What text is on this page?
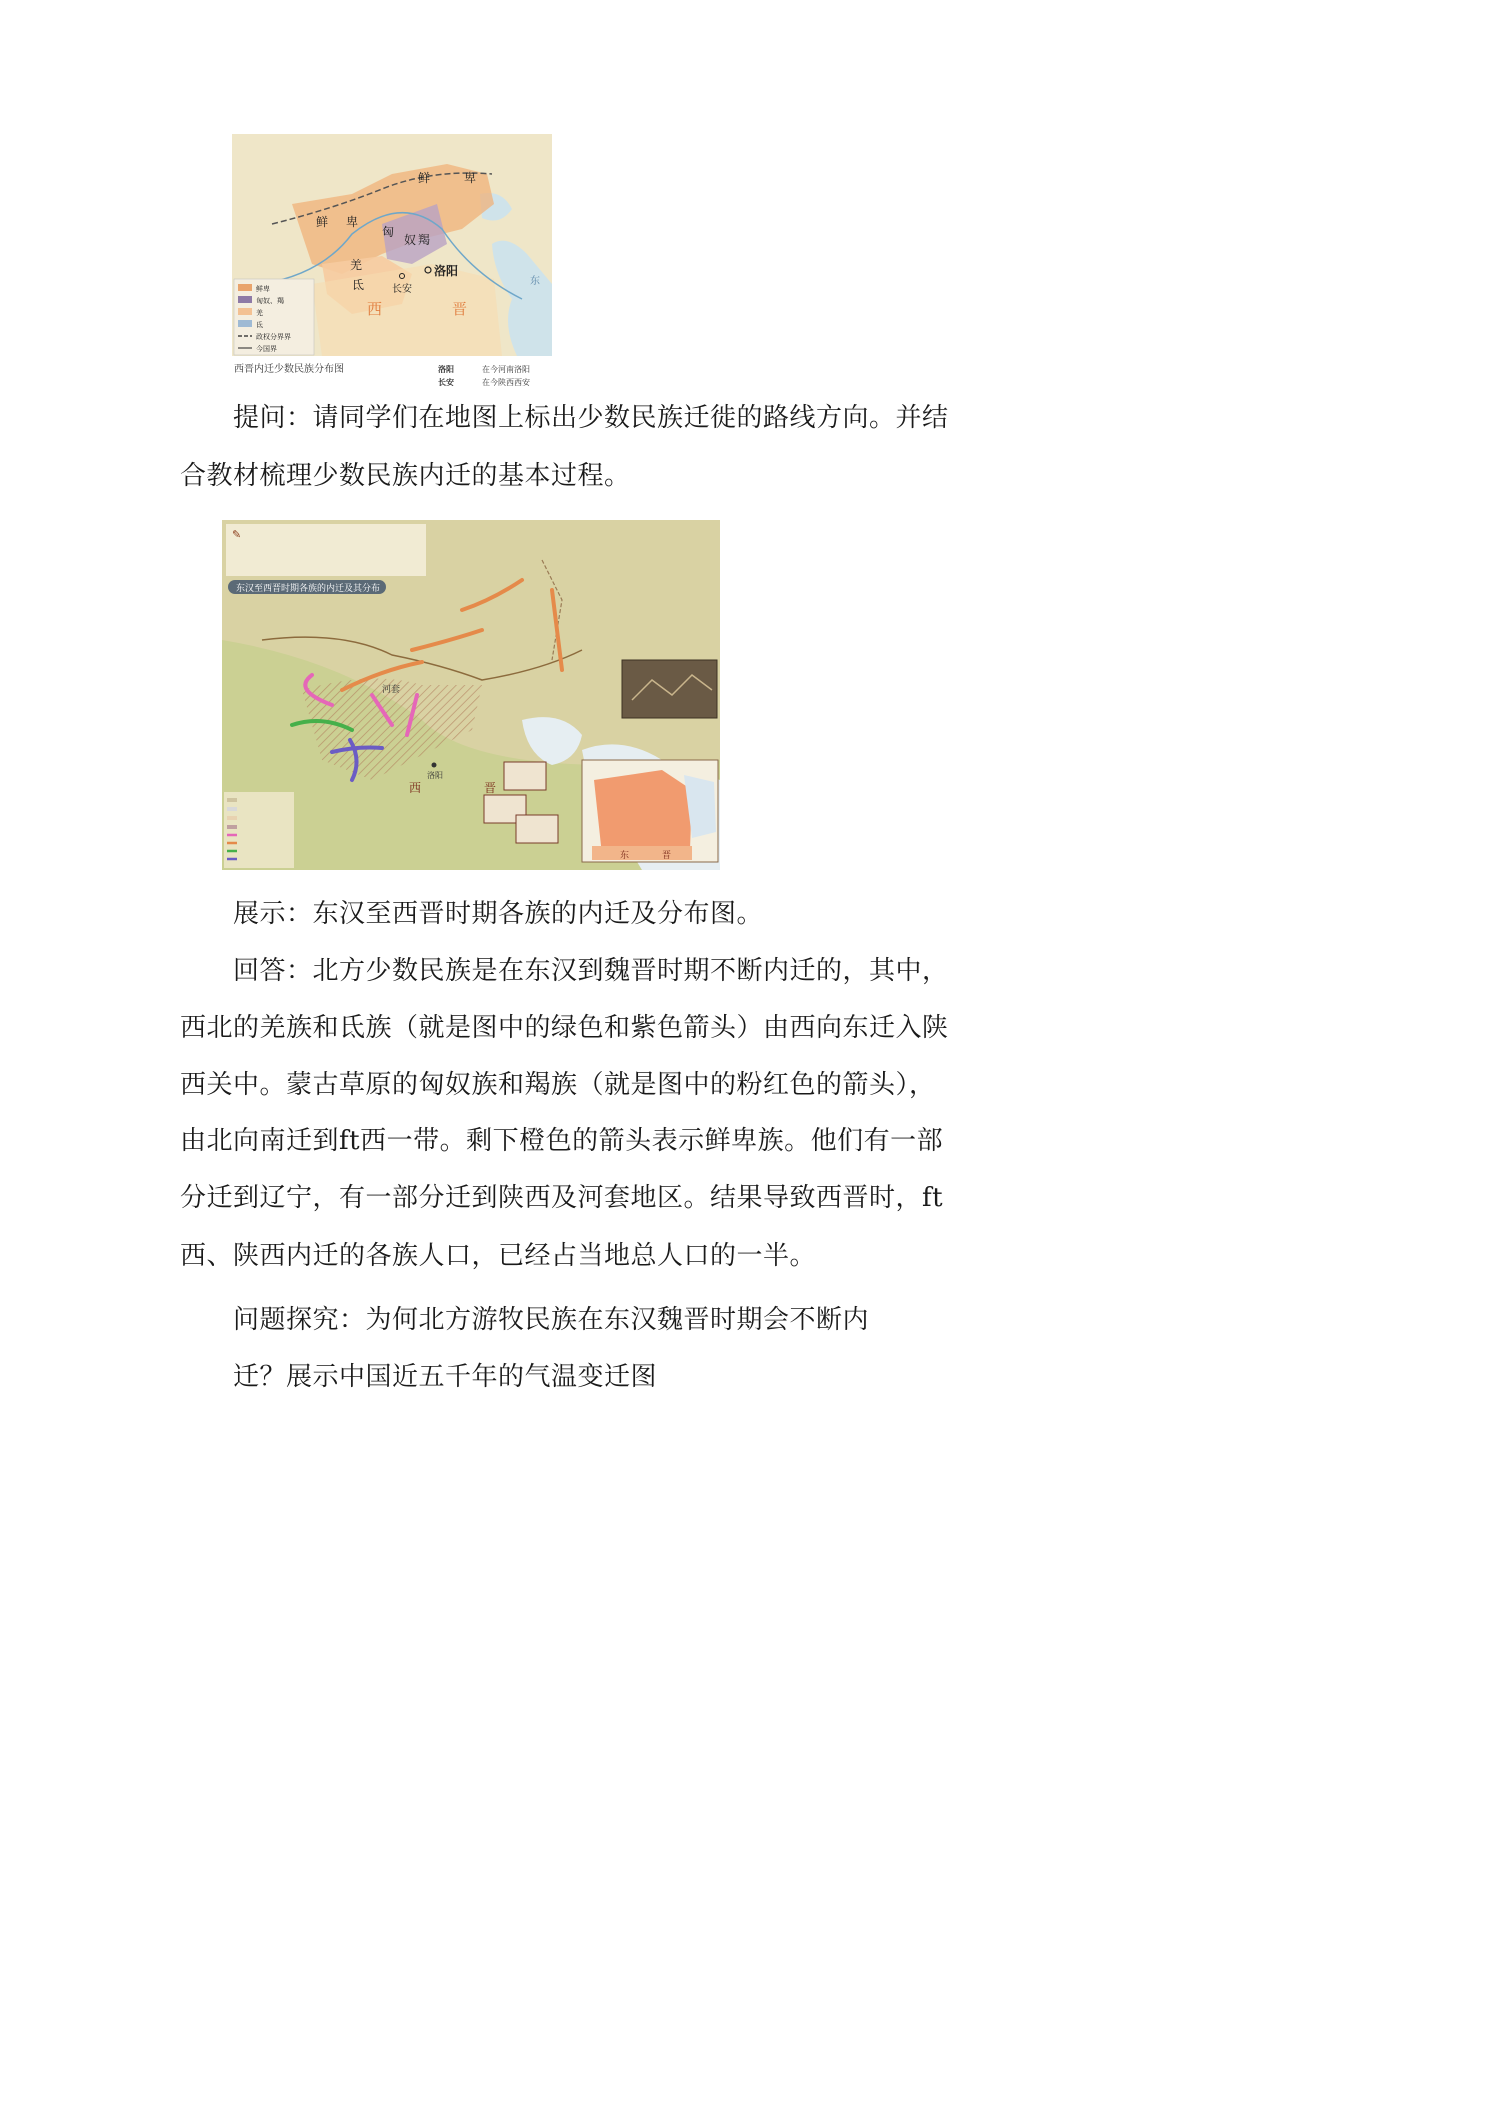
鲜	卑
鲜 卑
匈
奴 羯
羌
氐
洛阳
长安
西	晋
东
鲜卑
匈奴、羯
羌
氐
政权分界界
今国界
西晋内迁少数民族分布图	洛阳	在今河南洛阳
长安	在今陕西西安
提问：请同学们在地图上标出少数民族迁徙的路线方向。并结
合教材梳理少数民族内迁的基本过程。
✎
东汉至西晋时期各族的内迁及其分布
河套
洛阳
西	晋
东	晋
展示：东汉至西晋时期各族的内迁及分布图。
回答：北方少数民族是在东汉到魏晋时期不断内迁的，其中，
西北的羌族和氐族（就是图中的绿色和紫色箭头）由西向东迁入陕
西关中。蒙古草原的匈奴族和羯族（就是图中的粉红色的箭头），
由北向南迁到ft西一带。剩下橙色的箭头表示鲜卑族。他们有一部
分迁到辽宁，有一部分迁到陕西及河套地区。结果导致西晋时，ft
西、陕西内迁的各族人口，已经占当地总人口的一半。
问题探究：为何北方游牧民族在东汉魏晋时期会不断内
迁？展示中国近五千年的气温变迁图
